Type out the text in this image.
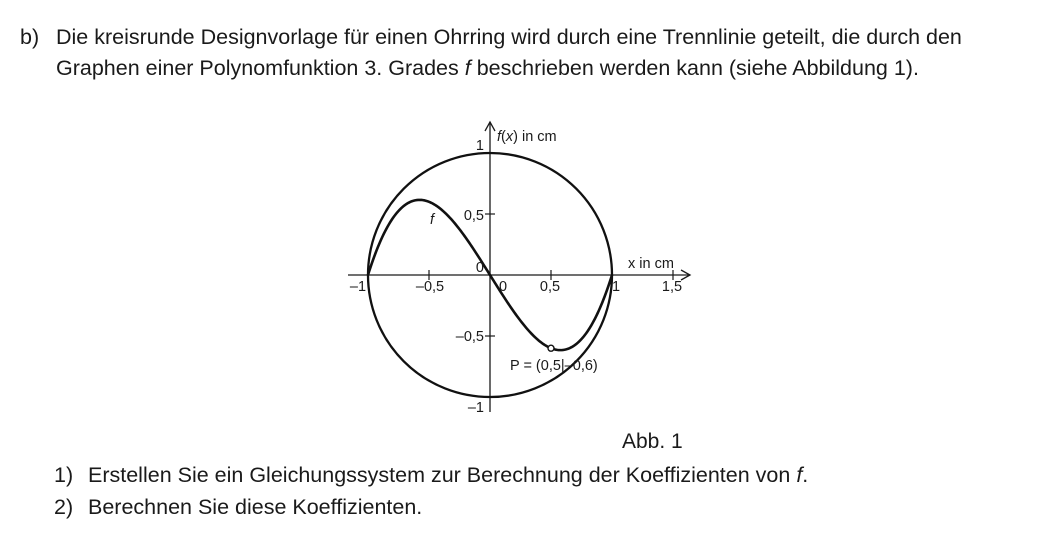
b) Die kreisrunde Designvorlage für einen Ohrring wird durch eine Trennlinie geteilt, die durch den
Graphen einer Polynomfunktion 3. Grades f beschrieben werden kann (siehe Abbildung 1).
f(x) in cm
x in cm
f
P = (0,5|–0,6)
–1	–0,5	0 0,5	1	1,5
1
0,5
0
–0,5
–1
Abb. 1
1) Erstellen Sie ein Gleichungssystem zur Berechnung der Koeffizienten von f.
2) Berechnen Sie diese Koeffizienten.
